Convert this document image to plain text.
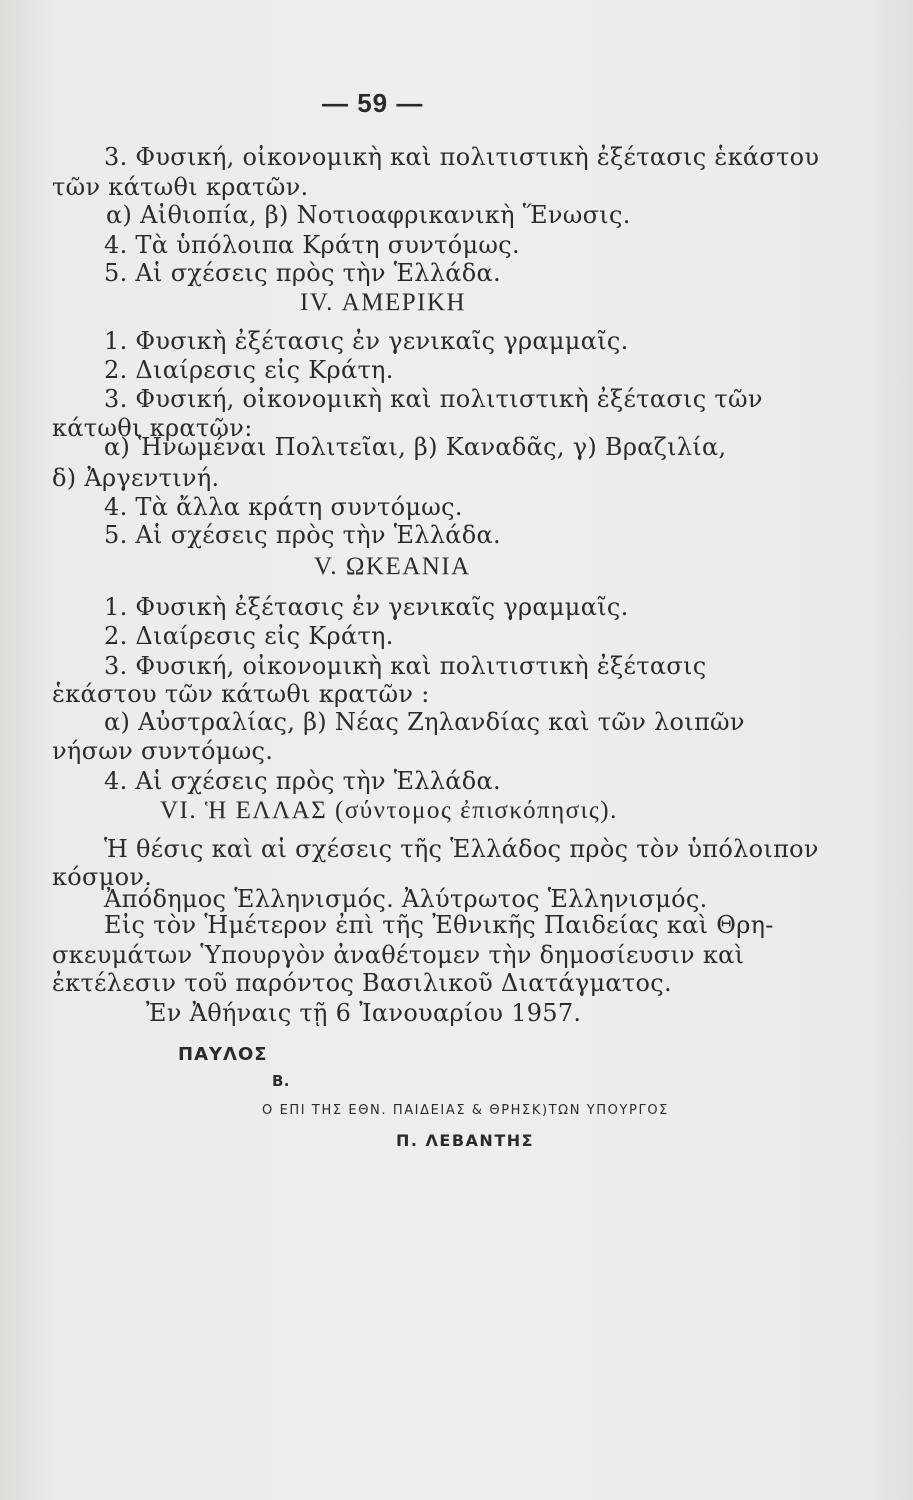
— 59 —
3. Φυσική, οἰκονομικὴ καὶ πολιτιστικὴ ἐξέτασις ἑκάστου
τῶν κάτωθι κρατῶν.
α) Αἰθιοπία, β) Νοτιοαφρικανικὴ Ἕνωσις.
4. Τὰ ὑπόλοιπα Κράτη συντόμως.
5. Αἱ σχέσεις πρὸς τὴν Ἑλλάδα.
IV. ΑΜΕΡΙΚΗ
1. Φυσικὴ ἐξέτασις ἐν γενικαῖς γραμμαῖς.
2. Διαίρεσις εἰς Κράτη.
3. Φυσική, οἰκονομικὴ καὶ πολιτιστικὴ ἐξέτασις τῶν
κάτωθι κρατῶν:
α) Ἡνωμέναι Πολιτεῖαι, β) Καναδᾶς, γ) Βραζιλία,
δ) Ἀργεντινή.
4. Τὰ ἄλλα κράτη συντόμως.
5. Αἱ σχέσεις πρὸς τὴν Ἑλλάδα.
V. ΩΚΕΑΝΙΑ
1. Φυσικὴ ἐξέτασις ἐν γενικαῖς γραμμαῖς.
2. Διαίρεσις εἰς Κράτη.
3. Φυσική, οἰκονομικὴ καὶ πολιτιστικὴ ἐξέτασις
ἑκάστου τῶν κάτωθι κρατῶν :
α) Αὐστραλίας, β) Νέας Ζηλανδίας καὶ τῶν λοιπῶν
νήσων συντόμως.
4. Αἱ σχέσεις πρὸς τὴν Ἑλλάδα.
VI. Ἡ ΕΛΛΑΣ (σύντομος ἐπισκόπησις).
Ἡ θέσις καὶ αἱ σχέσεις τῆς Ἑλλάδος πρὸς τὸν ὑπόλοιπον
κόσμον.
Ἀπόδημος Ἑλληνισμός. Ἀλύτρωτος Ἑλληνισμός.
Εἰς τὸν Ἡμέτερον ἐπὶ τῆς Ἐθνικῆς Παιδείας καὶ Θρη-
σκευμάτων Ὑπουργὸν ἀναθέτομεν τὴν δημοσίευσιν καὶ
ἐκτέλεσιν τοῦ παρόντος Βασιλικοῦ Διατάγματος.
Ἐν Ἀθήναις τῇ 6 Ἰανουαρίου 1957.
ΠΑΥΛΟΣ
Β.
Ο ΕΠΙ ΤΗΣ ΕΘΝ. ΠΑΙΔΕΙΑΣ & ΘΡΗΣΚ)ΤΩΝ ΥΠΟΥΡΓΟΣ
Π. ΛΕΒΑΝΤΗΣ
